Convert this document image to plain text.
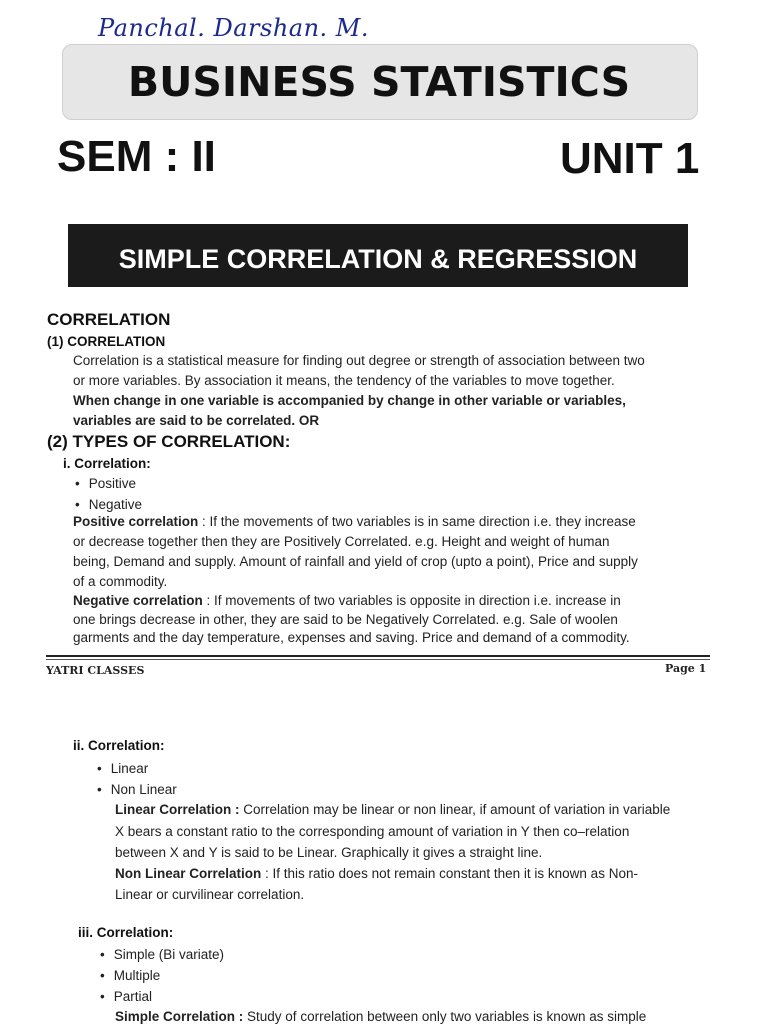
Panchal. Darshan. M.
BUSINESS STATISTICS
SEM : II	UNIT 1
SIMPLE CORRELATION & REGRESSION
CORRELATION
(1) CORRELATION
Correlation is a statistical measure for finding out degree or strength of association between two
or more variables. By association it means, the tendency of the variables to move together.
When change in one variable is accompanied by change in other variable or variables,
variables are said to be correlated. OR
(2) TYPES OF CORRELATION:
i. Correlation:
• Positive
• Negative
Positive correlation : If the movements of two variables is in same direction i.e. they increase
or decrease together then they are Positively Correlated. e.g. Height and weight of human
being, Demand and supply. Amount of rainfall and yield of crop (upto a point), Price and supply
of a commodity.
Negative correlation : If movements of two variables is opposite in direction i.e. increase in
one brings decrease in other, they are said to be Negatively Correlated. e.g. Sale of woolen
garments and the day temperature, expenses and saving. Price and demand of a commodity.
YATRI CLASSES	Page 1
ii. Correlation:
• Linear
• Non Linear
Linear Correlation : Correlation may be linear or non linear, if amount of variation in variable
X bears a constant ratio to the corresponding amount of variation in Y then co–relation
between X and Y is said to be Linear. Graphically it gives a straight line.
Non Linear Correlation : If this ratio does not remain constant then it is known as Non-
Linear or curvilinear correlation.
iii. Correlation:
• Simple (Bi variate)
• Multiple
• Partial
Simple Correlation : Study of correlation between only two variables is known as simple
